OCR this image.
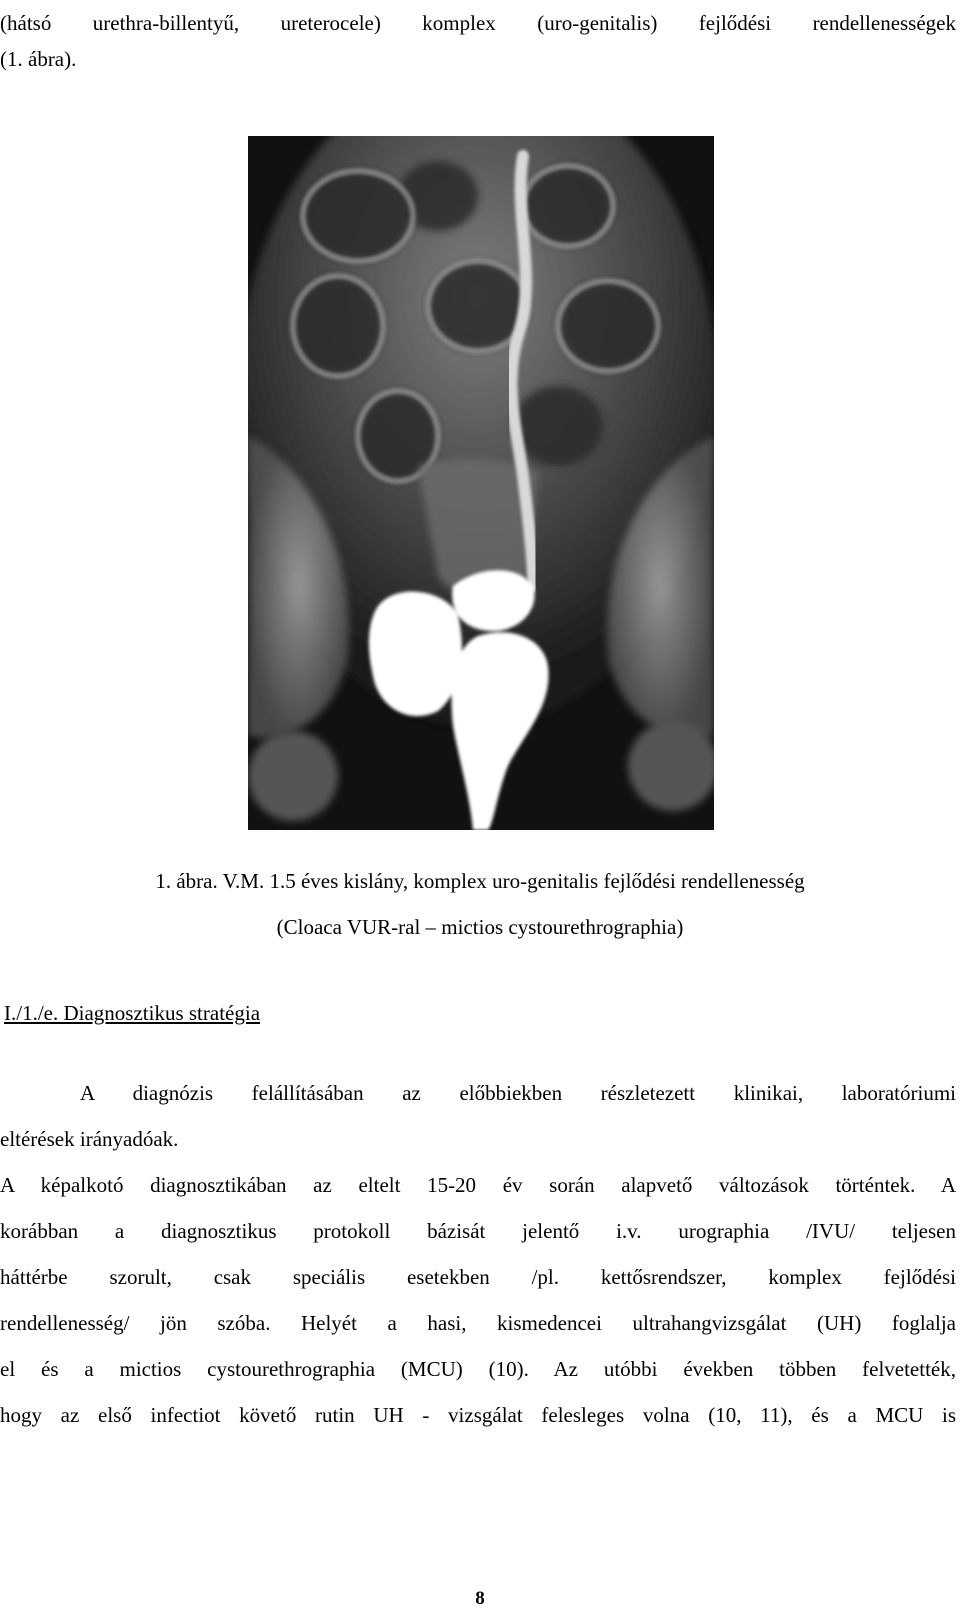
(hátsó urethra-billentyű, ureterocele) komplex (uro-genitalis) fejlődési rendellenességek
(1. ábra).
1. ábra. V.M. 1.5 éves kislány, komplex uro-genitalis fejlődési rendellenesség
(Cloaca VUR-ral – mictios cystourethrographia)
I./1./e. Diagnosztikus stratégia
A diagnózis felállításában az előbbiekben részletezett klinikai, laboratóriumi
eltérések irányadóak.
A képalkotó diagnosztikában az eltelt 15-20 év során alapvető változások történtek. A
korábban a diagnosztikus protokoll bázisát jelentő i.v. urographia /IVU/ teljesen
háttérbe szorult, csak speciális esetekben /pl. kettősrendszer, komplex fejlődési
rendellenesség/ jön szóba. Helyét a hasi, kismedencei ultrahangvizsgálat (UH) foglalja
el és a mictios cystourethrographia (MCU) (10). Az utóbbi években többen felvetették,
hogy az első infectiot követő rutin UH - vizsgálat felesleges volna (10, 11), és a MCU is
8
